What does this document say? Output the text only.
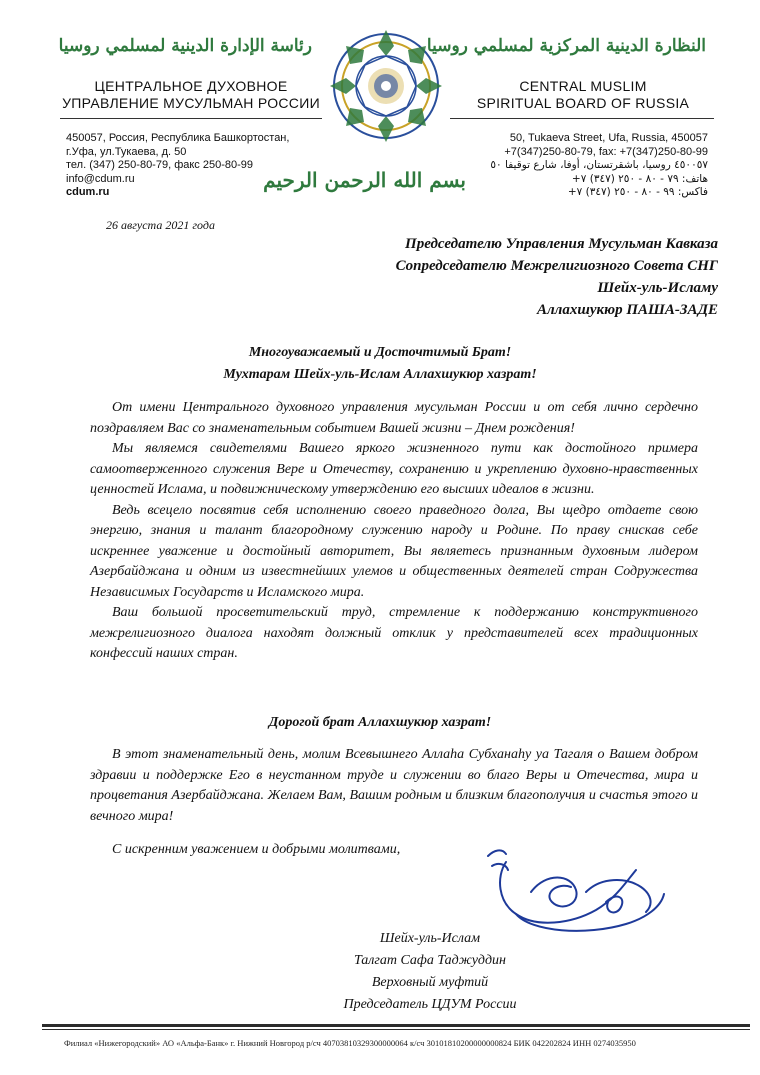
رئاسة الإدارة الدينية لمسلمي روسيا	النظارة الدينية المركزية لمسلمي روسيا
ЦЕНТРАЛЬНОЕ ДУХОВНОЕ
УПРАВЛЕНИЕ МУСУЛЬМАН РОССИИ
CENTRAL MUSLIM
SPIRITUAL BOARD OF RUSSIA
450057, Россия, Республика Башкортостан,
г.Уфа, ул.Тукаева, д. 50
тел. (347) 250-80-79, факс 250-80-99
info@cdum.ru
cdum.ru
50, Tukaeva Street, Ufa, Russia, 450057
+7(347)250-80-79, fax: +7(347)250-80-99
٤٥٠٠٥٧ روسيا، باشقرتستان، أوفا، شارع توقيفا ٥٠
هاتف: ٧٩ - ٨٠ - ٢٥٠ (٣٤٧) ٧+
فاكس: ٩٩ - ٨٠ - ٢٥٠ (٣٤٧) ٧+
بسم الله الرحمن الرحيم
26 августа 2021 года
Председателю Управления Мусульман Кавказа
Сопредседателю Межрелигиозного Совета СНГ
Шейх-уль-Исламу
Аллахшукюр ПАША-ЗАДЕ
Многоуважаемый и Досточтимый Брат!
Мухтарам Шейх-уль-Ислам Аллахшукюр хазрат!

От имени Центрального духовного управления мусульман России и от себя лично сердечно поздравляем Вас со знаменательным событием Вашей жизни – Днем рождения!

Мы являемся свидетелями Вашего яркого жизненного пути как достойного примера самоотверженного служения Вере и Отечеству, сохранению и укреплению духовно-нравственных ценностей Ислама, и подвижническому утверждению его высших идеалов в жизни.

Ведь всецело посвятив себя исполнению своего праведного долга, Вы щедро отдаете свою энергию, знания и талант благородному служению народу и Родине. По праву снискав себе искреннее уважение и достойный авторитет, Вы являетесь признанным духовным лидером Азербайджана и одним из известнейших улемов и общественных деятелей стран Содружества Независимых Государств и Исламского мира.

Ваш большой просветительский труд, стремление к поддержанию конструктивного межрелигиозного диалога находят должный отклик у представителей всех традиционных конфессий наших стран.

Дорогой брат Аллахшукюр хазрат!

В этот знаменательный день, молим Всевышнего Аллаhа Субханаhу уа Тагаля о Вашем добром здравии и поддержке Его в неустанном труде и служении во благо Веры и Отечества, мира и процветания Азербайджана. Желаем Вам, Вашим родным и близким благополучия и счастья этого и вечного мира!

С искренним уважением и добрыми молитвами,
Шейх-уль-Ислам
Талгат Сафа Таджуддин
Верховный муфтий
Председатель ЦДУМ России
Филиал «Нижегородский» АО «Альфа-Банк» г. Нижний Новгород р/сч 40703810329300000064 к/сч 30101810200000000824 БИК 042202824 ИНН 0274035950
